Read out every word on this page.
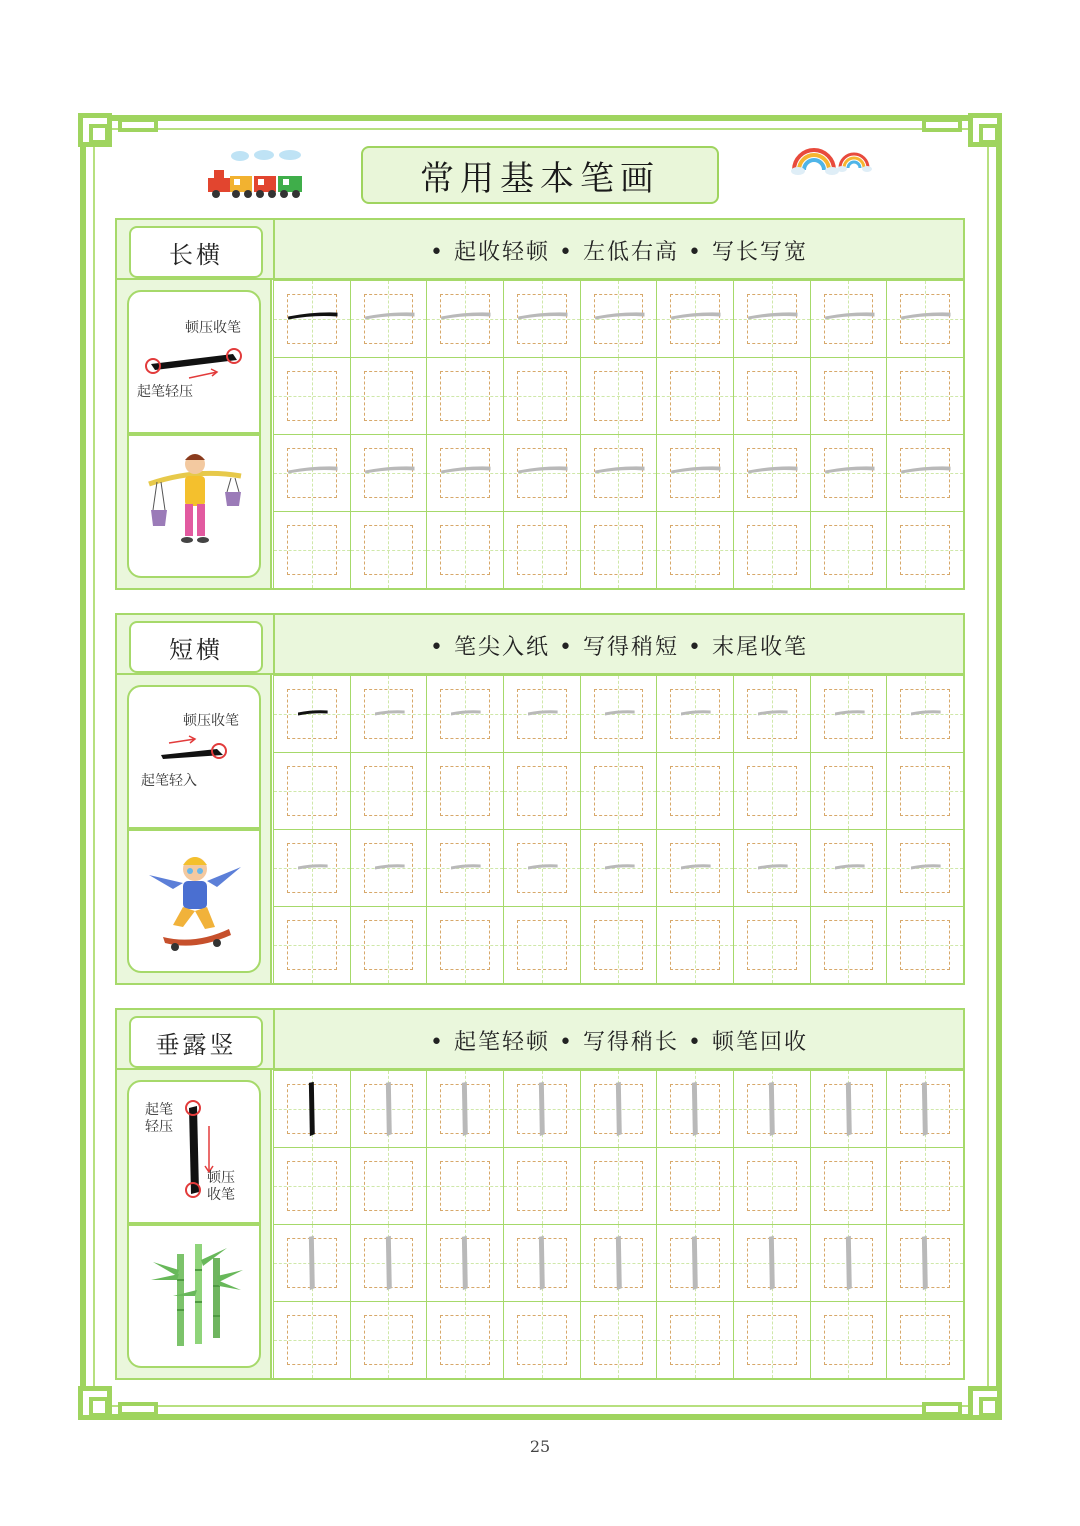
常用基本笔画
长横	• 起收轻顿 • 左低右高 • 写长写宽
顿压收笔
起笔轻压
短横	• 笔尖入纸 • 写得稍短 • 末尾收笔
顿压收笔
起笔轻入
垂露竖	• 起笔轻顿 • 写得稍长 • 顿笔回收
起笔
轻压
顿压
收笔
25
